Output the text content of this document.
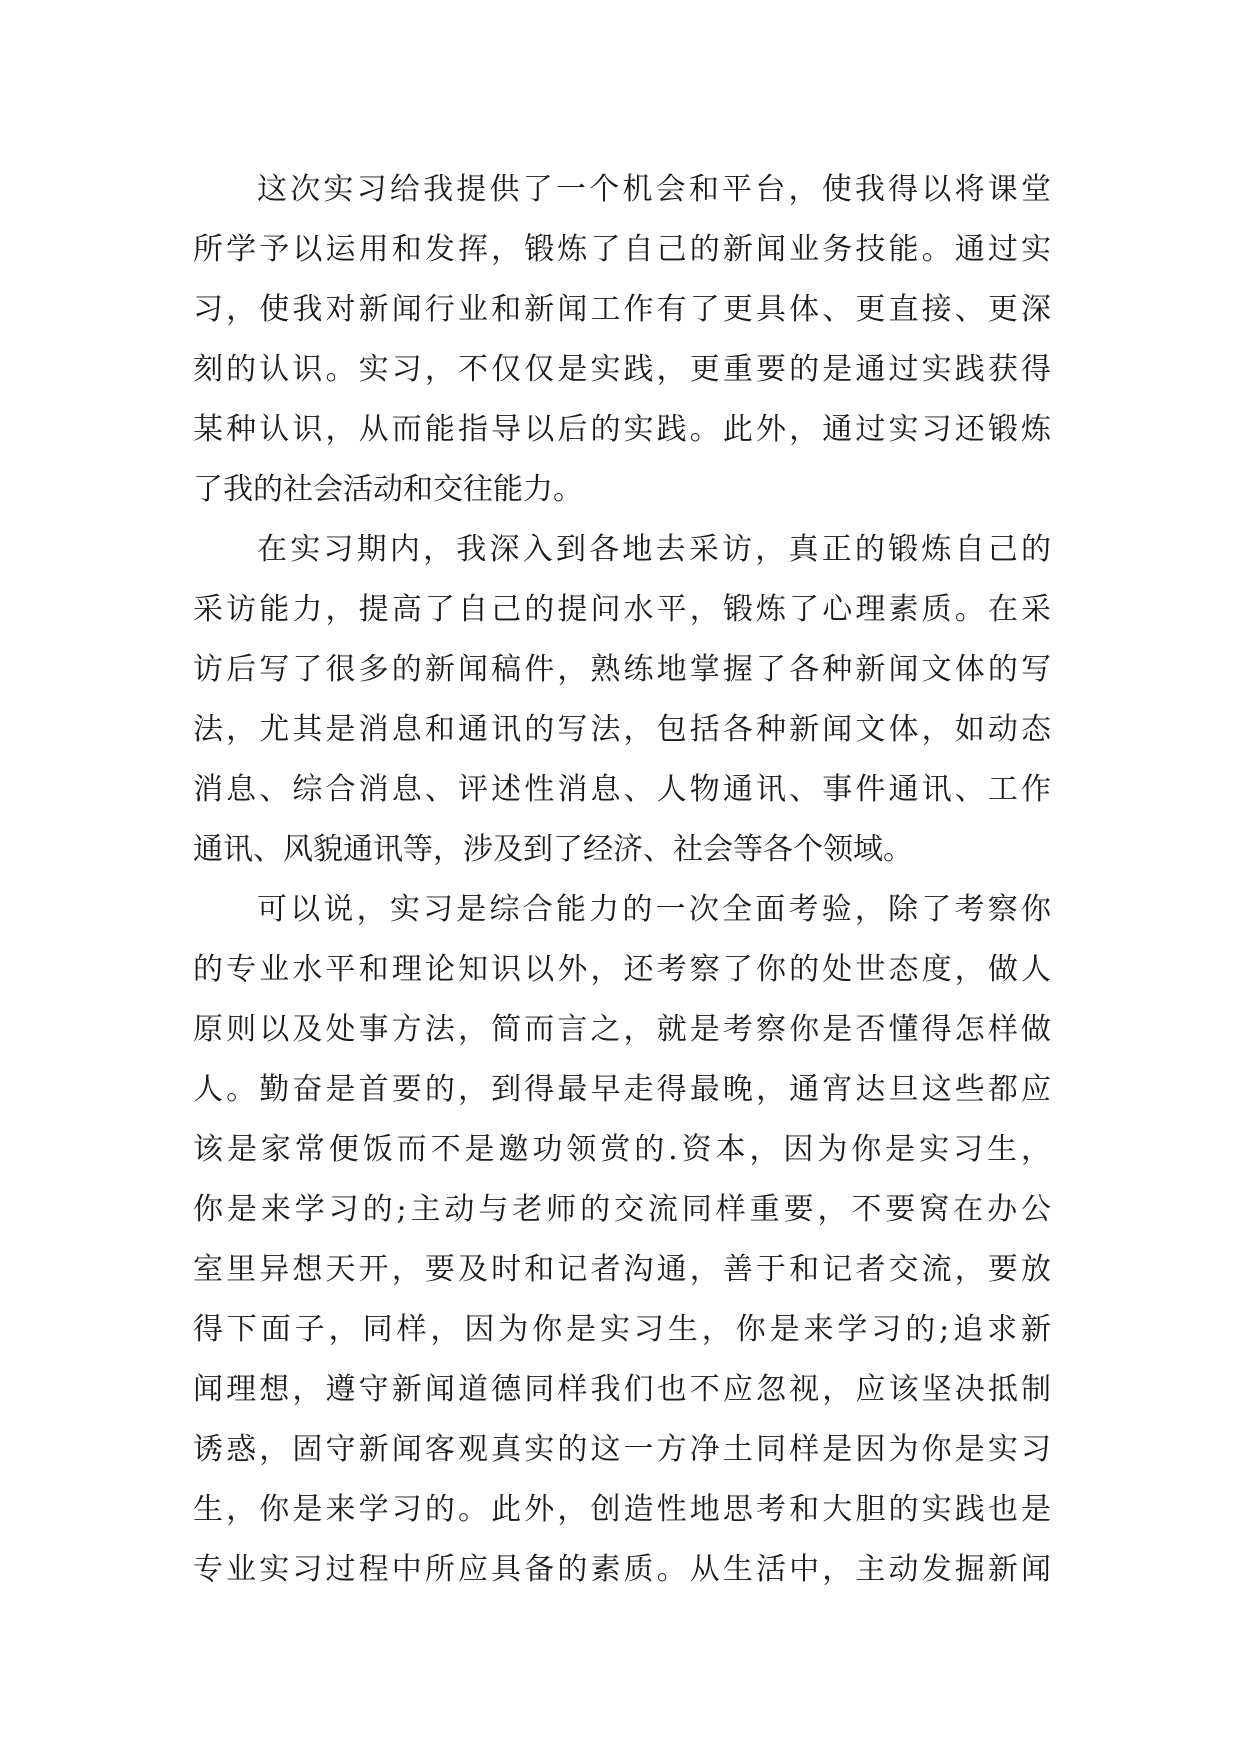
这次实习给我提供了一个机会和平台，使我得以将课堂
所学予以运用和发挥，锻炼了自己的新闻业务技能。通过实
习，使我对新闻行业和新闻工作有了更具体、更直接、更深
刻的认识。实习，不仅仅是实践，更重要的是通过实践获得
某种认识，从而能指导以后的实践。此外，通过实习还锻炼
了我的社会活动和交往能力。
在实习期内，我深入到各地去采访，真正的锻炼自己的
采访能力，提高了自己的提问水平，锻炼了心理素质。在采
访后写了很多的新闻稿件，熟练地掌握了各种新闻文体的写
法，尤其是消息和通讯的写法，包括各种新闻文体，如动态
消息、综合消息、评述性消息、人物通讯、事件通讯、工作
通讯、风貌通讯等，涉及到了经济、社会等各个领域。
可以说，实习是综合能力的一次全面考验，除了考察你
的专业水平和理论知识以外，还考察了你的处世态度，做人
原则以及处事方法，简而言之，就是考察你是否懂得怎样做
人。勤奋是首要的，到得最早走得最晚，通宵达旦这些都应
该是家常便饭而不是邀功领赏的.资本，因为你是实习生，
你是来学习的;主动与老师的交流同样重要，不要窝在办公
室里异想天开，要及时和记者沟通，善于和记者交流，要放
得下面子，同样，因为你是实习生，你是来学习的;追求新
闻理想，遵守新闻道德同样我们也不应忽视，应该坚决抵制
诱惑，固守新闻客观真实的这一方净土同样是因为你是实习
生，你是来学习的。此外，创造性地思考和大胆的实践也是
专业实习过程中所应具备的素质。从生活中，主动发掘新闻
